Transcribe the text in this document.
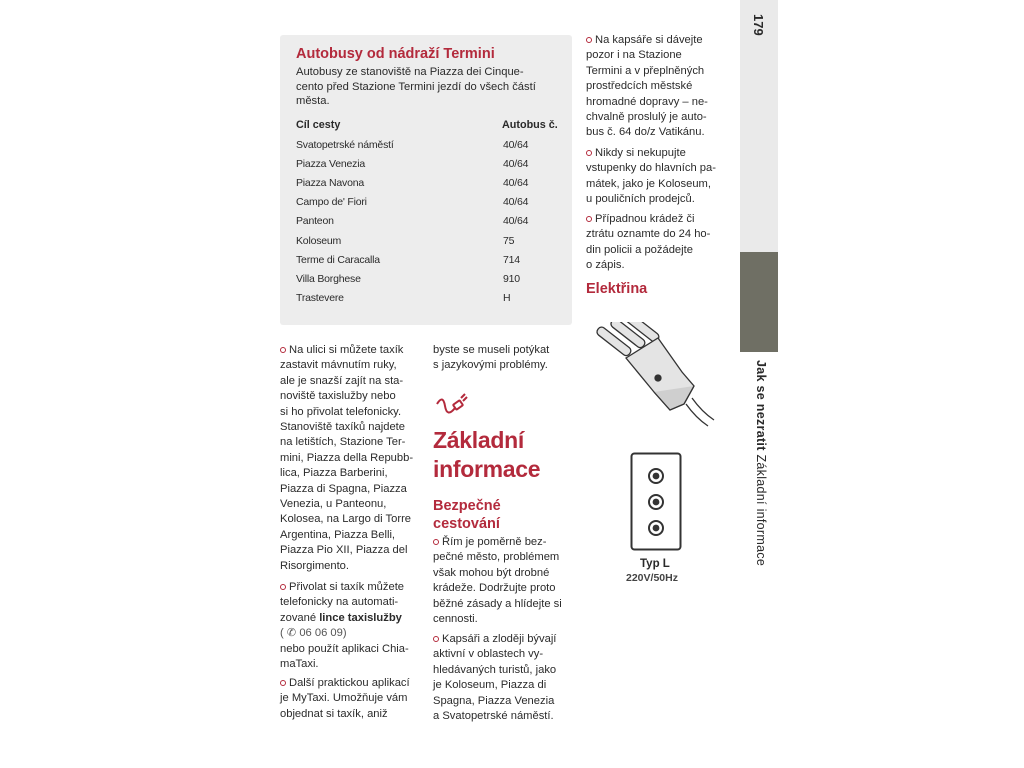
179
Jak se nezratit Základní informace
Autobusy od nádraží Termini
Autobusy ze stanoviště na Piazza dei Cinque-
cento před Stazione Termini jezdí do všech částí
města.
Cíl cesty	Autobus č.
Svatopetrské náměstí	40/64
Piazza Venezia	40/64
Piazza Navona	40/64
Campo de' Fiori	40/64
Panteon	40/64
Koloseum	75
Terme di Caracalla	714
Villa Borghese	910
Trastevere	H
Na ulici si můžete taxík
zastavit mávnutím ruky,
ale je snazší zajít na sta-
noviště taxislužby nebo
si ho přivolat telefonicky.
Stanoviště taxíků najdete
na letištích, Stazione Ter-
mini, Piazza della Repubb-
lica, Piazza Barberini,
Piazza di Spagna, Piazza
Venezia, u Panteonu,
Kolosea, na Largo di Torre
Argentina, Piazza Belli,
Piazza Pio XII, Piazza del
Risorgimento.
Přivolat si taxík můžete
telefonicky na automati-
zované lince taxislužby
( ✆ 06 06 09)
nebo použít aplikaci Chia-
maTaxi.
Další praktickou aplikací
je MyTaxi. Umožňuje vám
objednat si taxík, aniž
byste se museli potýkat
s jazykovými problémy.
Základní
informace
Bezpečné
cestování
Řím je poměrně bez-
pečné město, problémem
však mohou být drobné
krádeže. Dodržujte proto
běžné zásady a hlídejte si
cennosti.
Kapsáři a zloději bývají
aktivní v oblastech vy-
hledávaných turistů, jako
je Koloseum, Piazza di
Spagna, Piazza Venezia
a Svatopetrské náměstí.
Na kapsáře si dávejte
pozor i na Stazione
Termini a v přeplněných
prostředcích městské
hromadné dopravy – ne-
chvalně proslulý je auto-
bus č. 64 do/z Vatikánu.
Nikdy si nekupujte
vstupenky do hlavních pa-
mátek, jako je Koloseum,
u pouličních prodejců.
Případnou krádež či
ztrátu oznamte do 24 ho-
din policii a požádejte
o zápis.
Elektřina
Typ L
220V/50Hz
